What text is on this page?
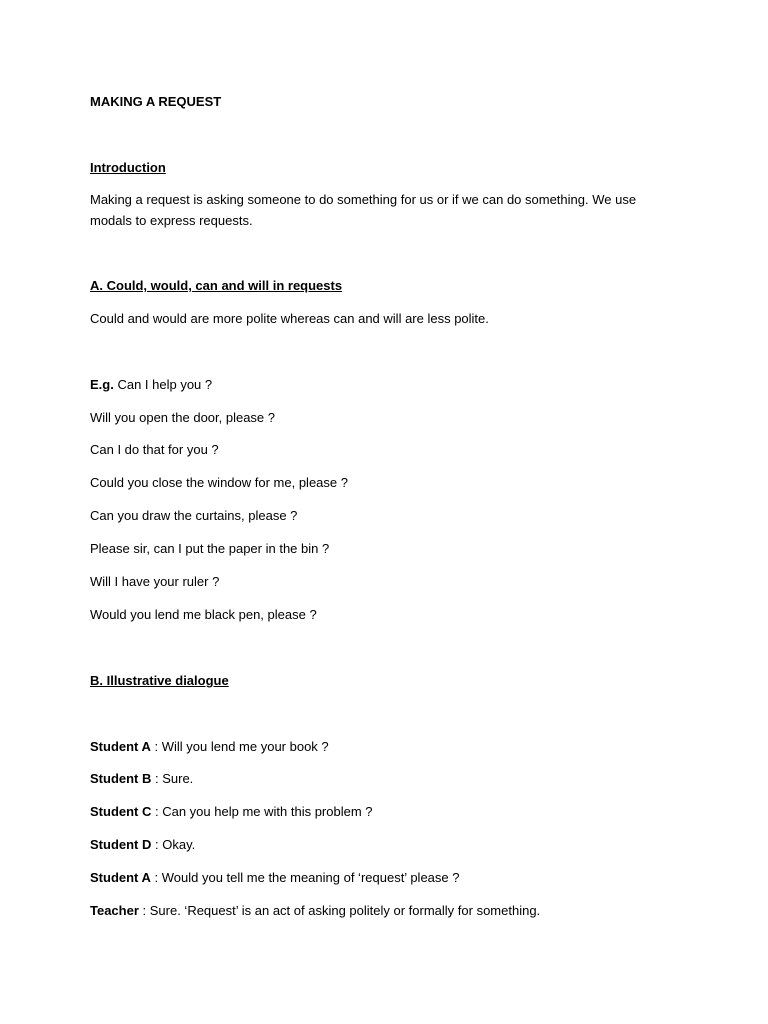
MAKING A REQUEST
Introduction
Making a request is asking someone to do something for us or if we can do something. We use modals to express requests.
A. Could, would, can and will in requests
Could and would are more polite whereas can and will are less polite.
E.g. Can I help you ?
Will you open the door, please ?
Can I do that for you ?
Could you close the window for me, please ?
Can you draw the curtains, please ?
Please sir, can I put the paper in the bin ?
Will I have your ruler ?
Would you lend me black pen, please ?
B. Illustrative dialogue
Student A : Will you lend me your book ?
Student B : Sure.
Student C : Can you help me with this problem ?
Student D : Okay.
Student A : Would you tell me the meaning of ‘request’ please ?
Teacher : Sure. ‘Request’ is an act of asking politely or formally for something.
